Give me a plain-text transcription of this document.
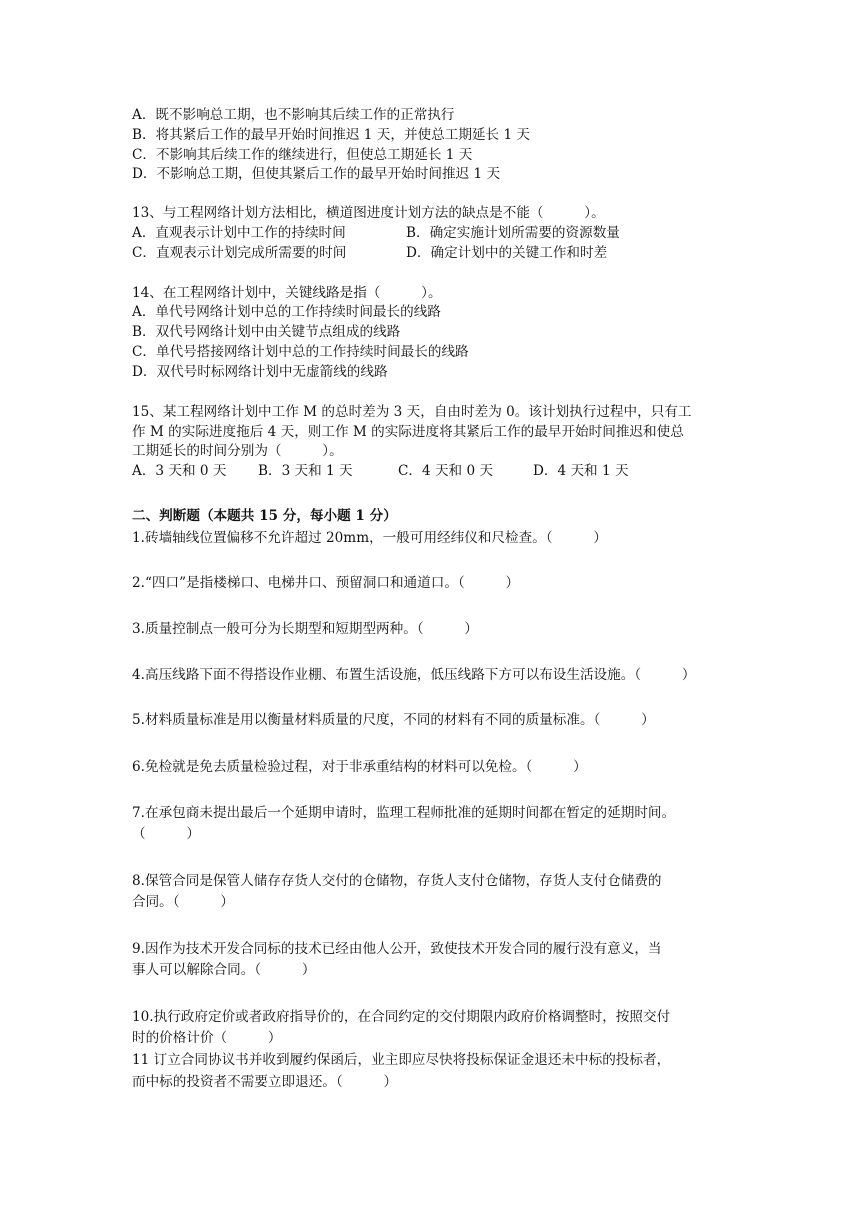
A．既不影响总工期，也不影响其后续工作的正常执行
B．将其紧后工作的最早开始时间推迟 1 天，并使总工期延长 1 天
C．不影响其后续工作的继续进行，但使总工期延长 1 天
D．不影响总工期，但使其紧后工作的最早开始时间推迟 1 天
13、与工程网络计划方法相比，横道图进度计划方法的缺点是不能（　　　）。
A．直观表示计划中工作的持续时间	B．确定实施计划所需要的资源数量
C．直观表示计划完成所需要的时间	D．确定计划中的关键工作和时差
14、在工程网络计划中，关键线路是指（　　　）。
A．单代号网络计划中总的工作持续时间最长的线路
B．双代号网络计划中由关键节点组成的线路
C．单代号搭接网络计划中总的工作持续时间最长的线路
D．双代号时标网络计划中无虚箭线的线路
15、某工程网络计划中工作 M 的总时差为 3 天，自由时差为 0。该计划执行过程中，只有工
作 M 的实际进度拖后 4 天，则工作 M 的实际进度将其紧后工作的最早开始时间推迟和使总
工期延长的时间分别为（　　　）。
A．3 天和 0 天 B．3 天和 1 天	C．4 天和 0 天	D．4 天和 1 天
二、判断题（本题共 15 分，每小题 1 分）
1.砖墙轴线位置偏移不允许超过 20mm，一般可用经纬仪和尺检查。（　　　）
2.“四口”是指楼梯口、电梯井口、预留洞口和通道口。（　　　）
3.质量控制点一般可分为长期型和短期型两种。（　　　）
4.高压线路下面不得搭设作业棚、布置生活设施，低压线路下方可以布设生活设施。（　　　）
5.材料质量标准是用以衡量材料质量的尺度，不同的材料有不同的质量标准。（　　　）
6.免检就是免去质量检验过程，对于非承重结构的材料可以免检。（　　　）
7.在承包商未提出最后一个延期申请时，监理工程师批准的延期时间都在暂定的延期时间。
（　　　）
8.保管合同是保管人储存存货人交付的仓储物，存货人支付仓储物，存货人支付仓储费的
合同。（　　　）
9.因作为技术开发合同标的技术已经由他人公开，致使技术开发合同的履行没有意义，当
事人可以解除合同。（　　　）
10.执行政府定价或者政府指导价的，在合同约定的交付期限内政府价格调整时，按照交付
时的价格计价（　　　）
11 订立合同协议书并收到履约保函后，业主即应尽快将投标保证金退还未中标的投标者，
而中标的投资者不需要立即退还。（　　　）
